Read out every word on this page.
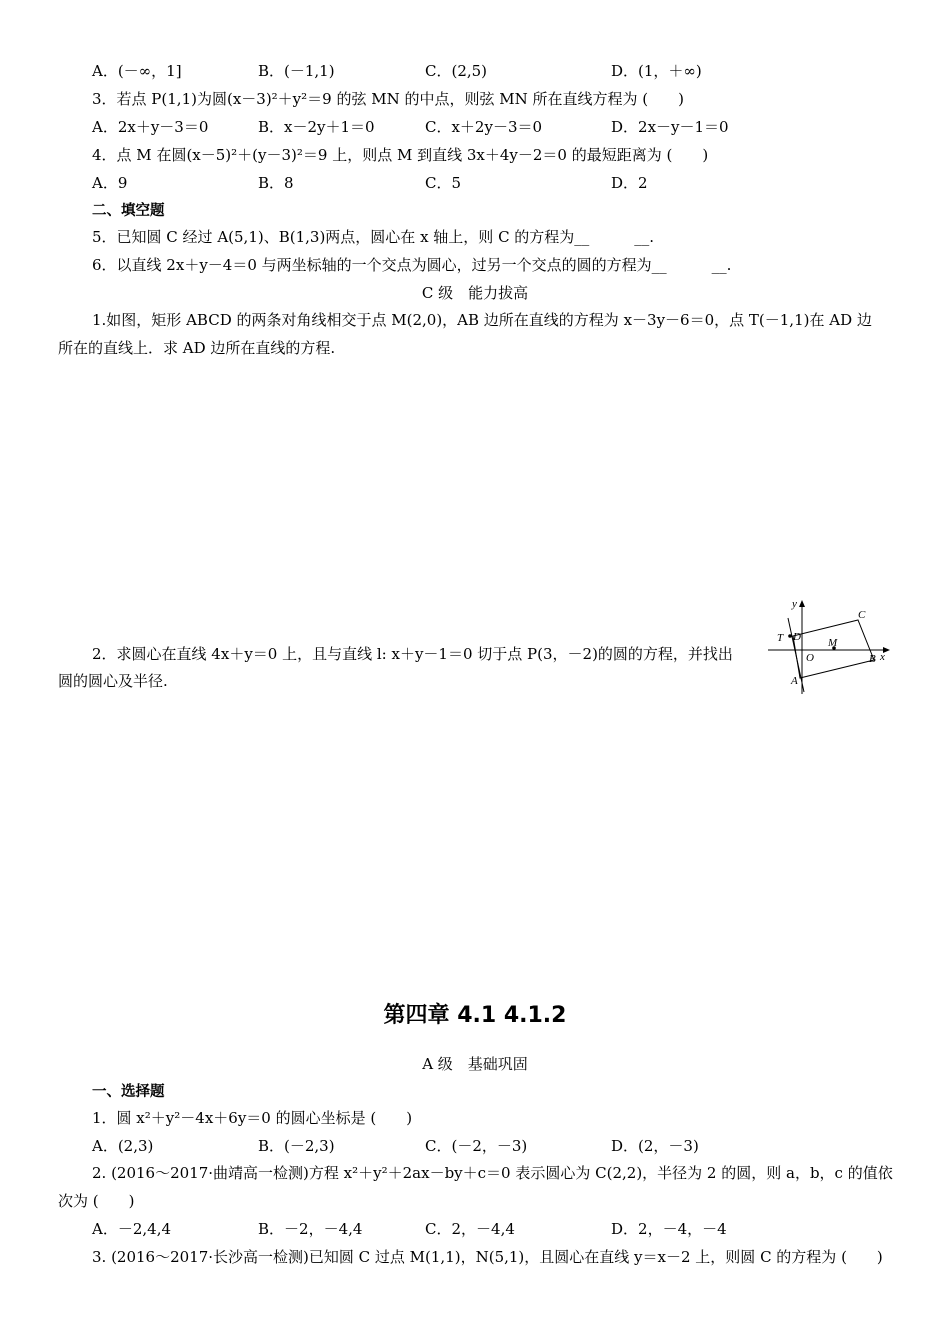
A．(－∞，1]	B．(－1,1)	C．(2,5)	D．(1，＋∞)
3．若点 P(1,1)为圆(x－3)²＋y²＝9 的弦 MN 的中点，则弦 MN 所在直线方程为 (　　)
A．2x＋y－3＝0	B．x－2y＋1＝0	C．x＋2y－3＝0	D．2x－y－1＝0
4．点 M 在圆(x－5)²＋(y－3)²＝9 上，则点 M 到直线 3x＋4y－2＝0 的最短距离为 (　　)
A．9	B．8	C．5	D．2
二、填空题
5．已知圆 C 经过 A(5,1)、B(1,3)两点，圆心在 x 轴上，则 C 的方程为__　　　__.
6．以直线 2x＋y－4＝0 与两坐标轴的一个交点为圆心，过另一个交点的圆的方程为__　　　__.
C 级　能力拔高
1.如图，矩形 ABCD 的两条对角线相交于点 M(2,0)，AB 边所在直线的方程为 x－3y－6＝0，点 T(－1,1)在 AD 边
所在的直线上．求 AD 边所在直线的方程.
2．求圆心在直线 4x＋y＝0 上，且与直线 l: x＋y－1＝0 切于点 P(3，－2)的圆的方程，并找出
圆的圆心及半径.
y
x
C
T D M
O	B
A
第四章 4.1 4.1.2
A 级　基础巩固
一、选择题
1．圆 x²＋y²－4x＋6y＝0 的圆心坐标是 (　　)
A．(2,3)	B．(－2,3)	C．(－2，－3)	D．(2，－3)
2. (2016～2017·曲靖高一检测)方程 x²＋y²＋2ax－by＋c＝0 表示圆心为 C(2,2)，半径为 2 的圆，则 a，b，c 的值依
次为 (　　)
A．－2,4,4	B．－2，－4,4	C．2，－4,4	D．2，－4，－4
3. (2016～2017·长沙高一检测)已知圆 C 过点 M(1,1)，N(5,1)，且圆心在直线 y＝x－2 上，则圆 C 的方程为 (　　)
